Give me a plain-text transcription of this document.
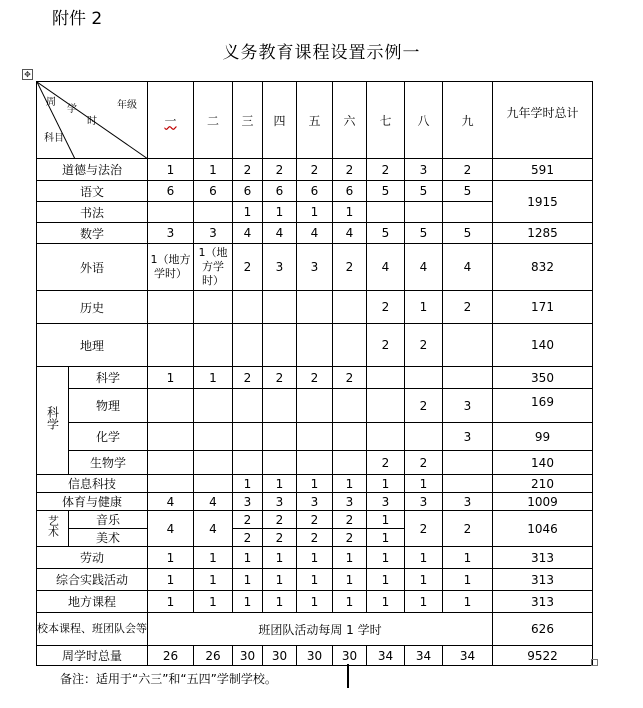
附件 2
义务教育课程设置示例一
✥
周
学
时
年级
科目		一	二	三	四	五	六	七	八	九	九年学时总计
道德与法治		1	1	2	2	2	2	2	3	2	591
语文		6	6	6	6	6	6	5	5	5	1915
书法				1	1	1	1				
数学		3	3	4	4	4	4	5	5	5	1285
外语		1（地方学时）	1（地方学时）	2	3	3	2	4	4	4	832
历史								2	1	2	171
地理								2	2		140
科学	科学	1	1	2	2	2	2				350
	物理								2	3	169
	化学									3	99
	生物学							2	2		140
信息科技				1	1	1	1	1	1		210
体育与健康		4	4	3	3	3	3	3	3	3	1009
艺术	音乐	4	4	2	2	2	2	1	2	2	1046
	美术			2	2	2	2	1			
劳动		1	1	1	1	1	1	1	1	1	313
综合实践活动		1	1	1	1	1	1	1	1	1	313
地方课程		1	1	1	1	1	1	1	1	1	313
校本课程、班团队会等		班团队活动每周 1 学时									626
周学时总量		26	26	30	30	30	30	34	34	34	9522
备注：适用于“六三”和“五四”学制学校。
